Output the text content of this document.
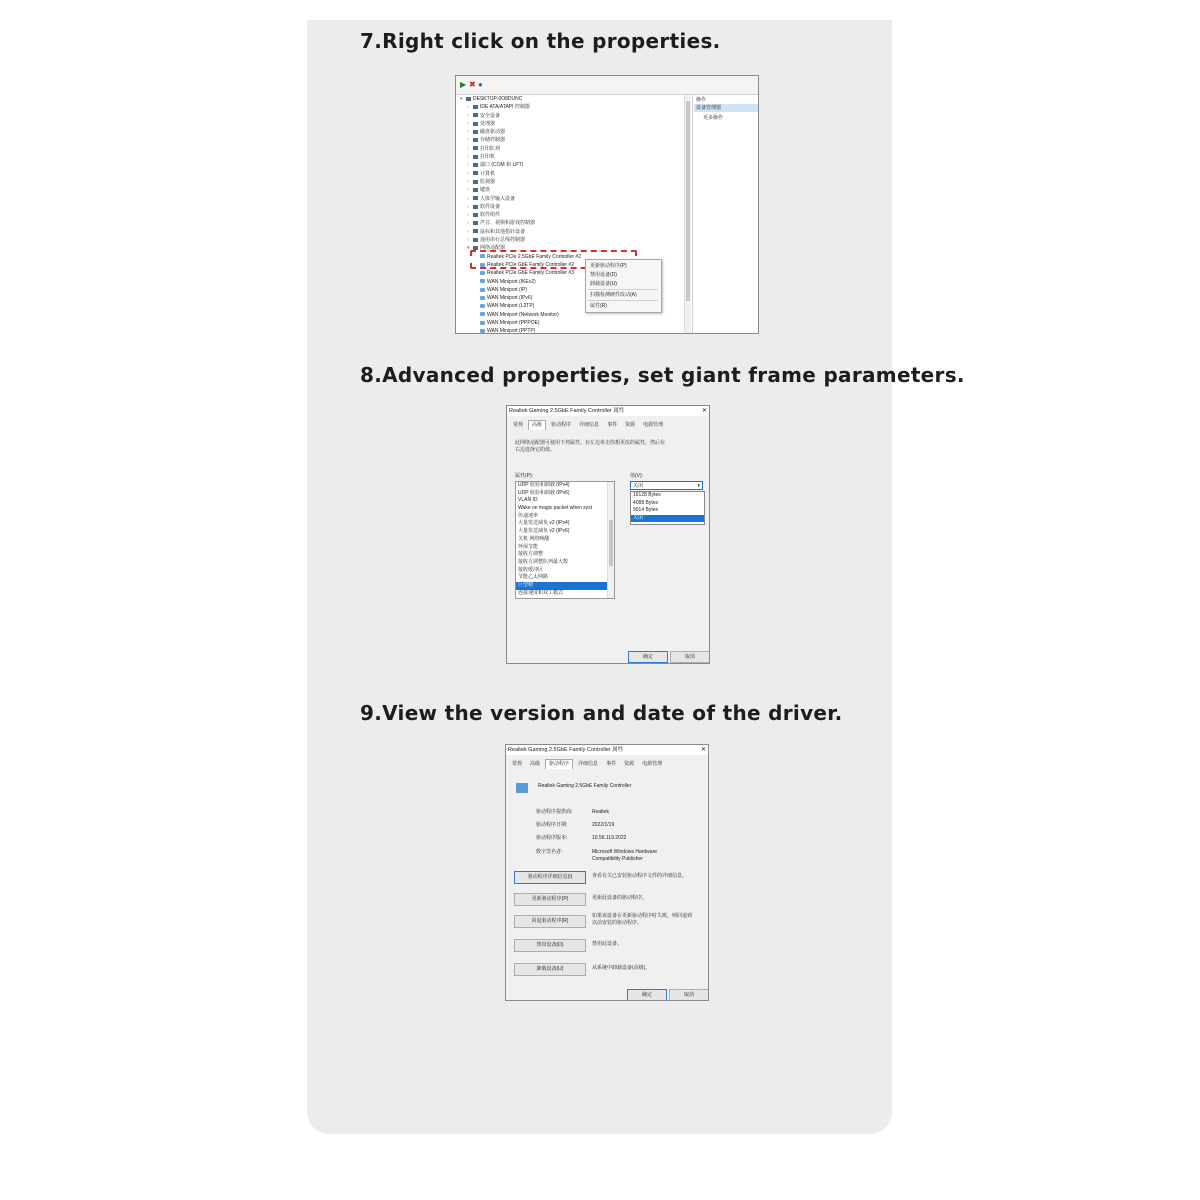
7.Right click on the properties.
8.Advanced properties, set giant frame parameters.
9.View the version and date of the driver.
▶ ✖ ●
▾ DESKTOP-0O8DUNC
› IDE ATA/ATAPI 控制器
› 安全设备
› 处理器
› 磁盘驱动器
› 存储控制器
› 打印队列
› 打印机
› 端口 (COM 和 LPT)
› 计算机
› 监视器
› 键盘
› 人体学输入设备
› 软件设备
› 软件组件
› 声音、视频和游戏控制器
› 鼠标和其他指针设备
› 通用串行总线控制器
▾ 网络适配器
Realtek PCIe 2.5GbE Family Controller #2
Realtek PCIe GbE Family Controller #2
Realtek PCIe GbE Family Controller #3
WAN Miniport (IKEv2)
WAN Miniport (IP)
WAN Miniport (IPv6)
WAN Miniport (L2TP)
WAN Miniport (Network Monitor)
WAN Miniport (PPPOE)
WAN Miniport (PPTP)
操作
设备管理器
更多操作
更新驱动程序(P)
禁用设备(D)
卸载设备(U)
扫描检测硬件改动(A)
属性(R)
Realtek Gaming 2.5GbE Family Controller 属性	✕
常规 高级 驱动程序 详细信息 事件 资源 电源管理
此网络适配器可使用下列属性。在左边单击你想更改的属性，然后在
右边选择它的值。
属性(P):	值(V):
UDP 校验和卸载 (IPv4)
UDP 校验和卸载 (IPv6)
VLAN ID
Wake on magic packet when syst
传递速率
大量发送减负 v2 (IPv4)
大量发送减负 v2 (IPv6)
关机 网络唤醒
环保节能
接收方调整
接收方调整队列最大数
接收缓冲区
节能乙太网路
巨型帧
连接速度和双工模式
关闭	▾
16128 Bytes
4088 Bytes
9014 Bytes
关闭
确定	取消
Realtek Gaming 2.5GbE Family Controller 属性	✕
常规 高级 驱动程序 详细信息 事件 资源 电源管理
Realtek Gaming 2.5GbE Family Controller
驱动程序提供商:	Realtek
驱动程序日期:	2022/1/19
驱动程序版本:	10.56.119.2022
数字签名者:	Microsoft Windows Hardware
Compatibility Publisher
驱动程序详细信息(I)	查看有关已安装驱动程序文件的详细信息。
更新驱动程序(P)	更新此设备的驱动程序。
回退驱动程序(R)
如果该设备在更新驱动程序时失败，则回退到
以前安装的驱动程序。
禁用设备(D)	禁用此设备。
卸载设备(U)	从系统中卸载设备(高级)。
确定	取消
